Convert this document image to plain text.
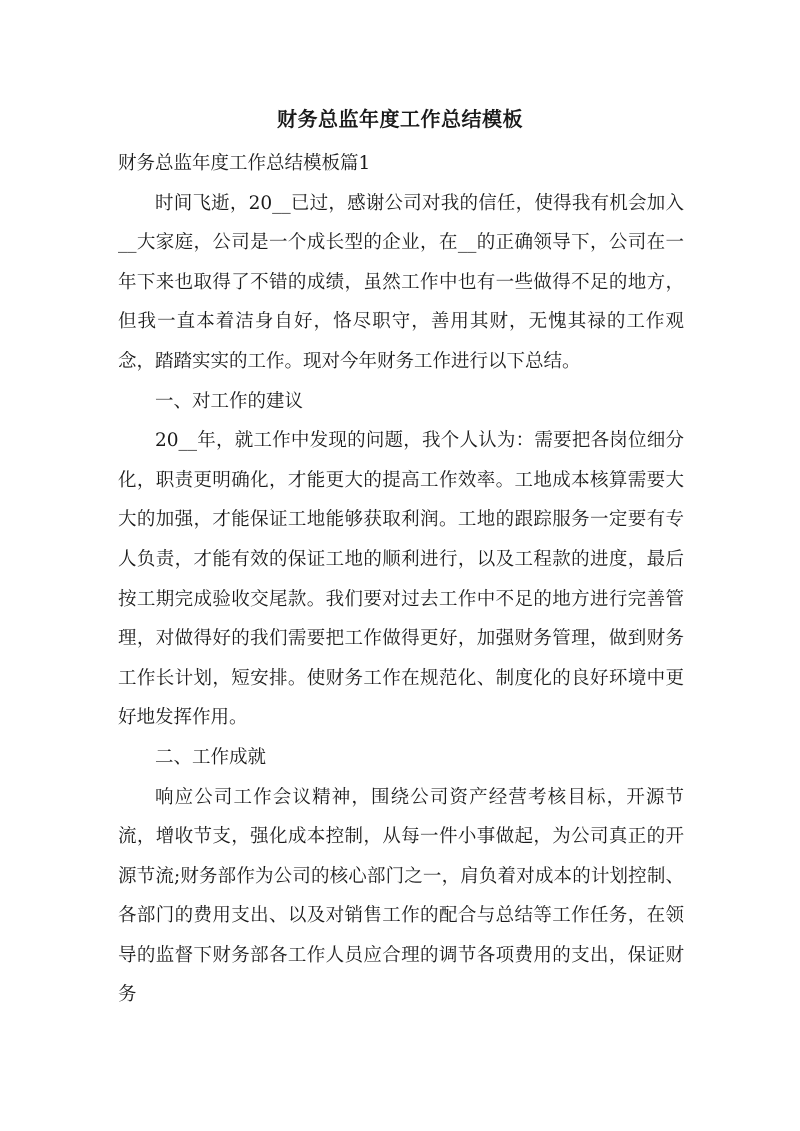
财务总监年度工作总结模板

财务总监年度工作总结模板篇1

时间飞逝，20__已过，感谢公司对我的信任，使得我有机会加入__大家庭，公司是一个成长型的企业，在__的正确领导下，公司在一年下来也取得了不错的成绩，虽然工作中也有一些做得不足的地方，但我一直本着洁身自好，恪尽职守，善用其财，无愧其禄的工作观念，踏踏实实的工作。现对今年财务工作进行以下总结。

一、对工作的建议

20__年，就工作中发现的问题，我个人认为：需要把各岗位细分化，职责更明确化，才能更大的提高工作效率。工地成本核算需要大大的加强，才能保证工地能够获取利润。工地的跟踪服务一定要有专人负责，才能有效的保证工地的顺利进行，以及工程款的进度，最后按工期完成验收交尾款。我们要对过去工作中不足的地方进行完善管理，对做得好的我们需要把工作做得更好，加强财务管理，做到财务工作长计划，短安排。使财务工作在规范化、制度化的良好环境中更好地发挥作用。

二、工作成就

响应公司工作会议精神，围绕公司资产经营考核目标，开源节流，增收节支，强化成本控制，从每一件小事做起，为公司真正的开源节流;财务部作为公司的核心部门之一，肩负着对成本的计划控制、各部门的费用支出、以及对销售工作的配合与总结等工作任务，在领导的监督下财务部各工作人员应合理的调节各项费用的支出，保证财务
